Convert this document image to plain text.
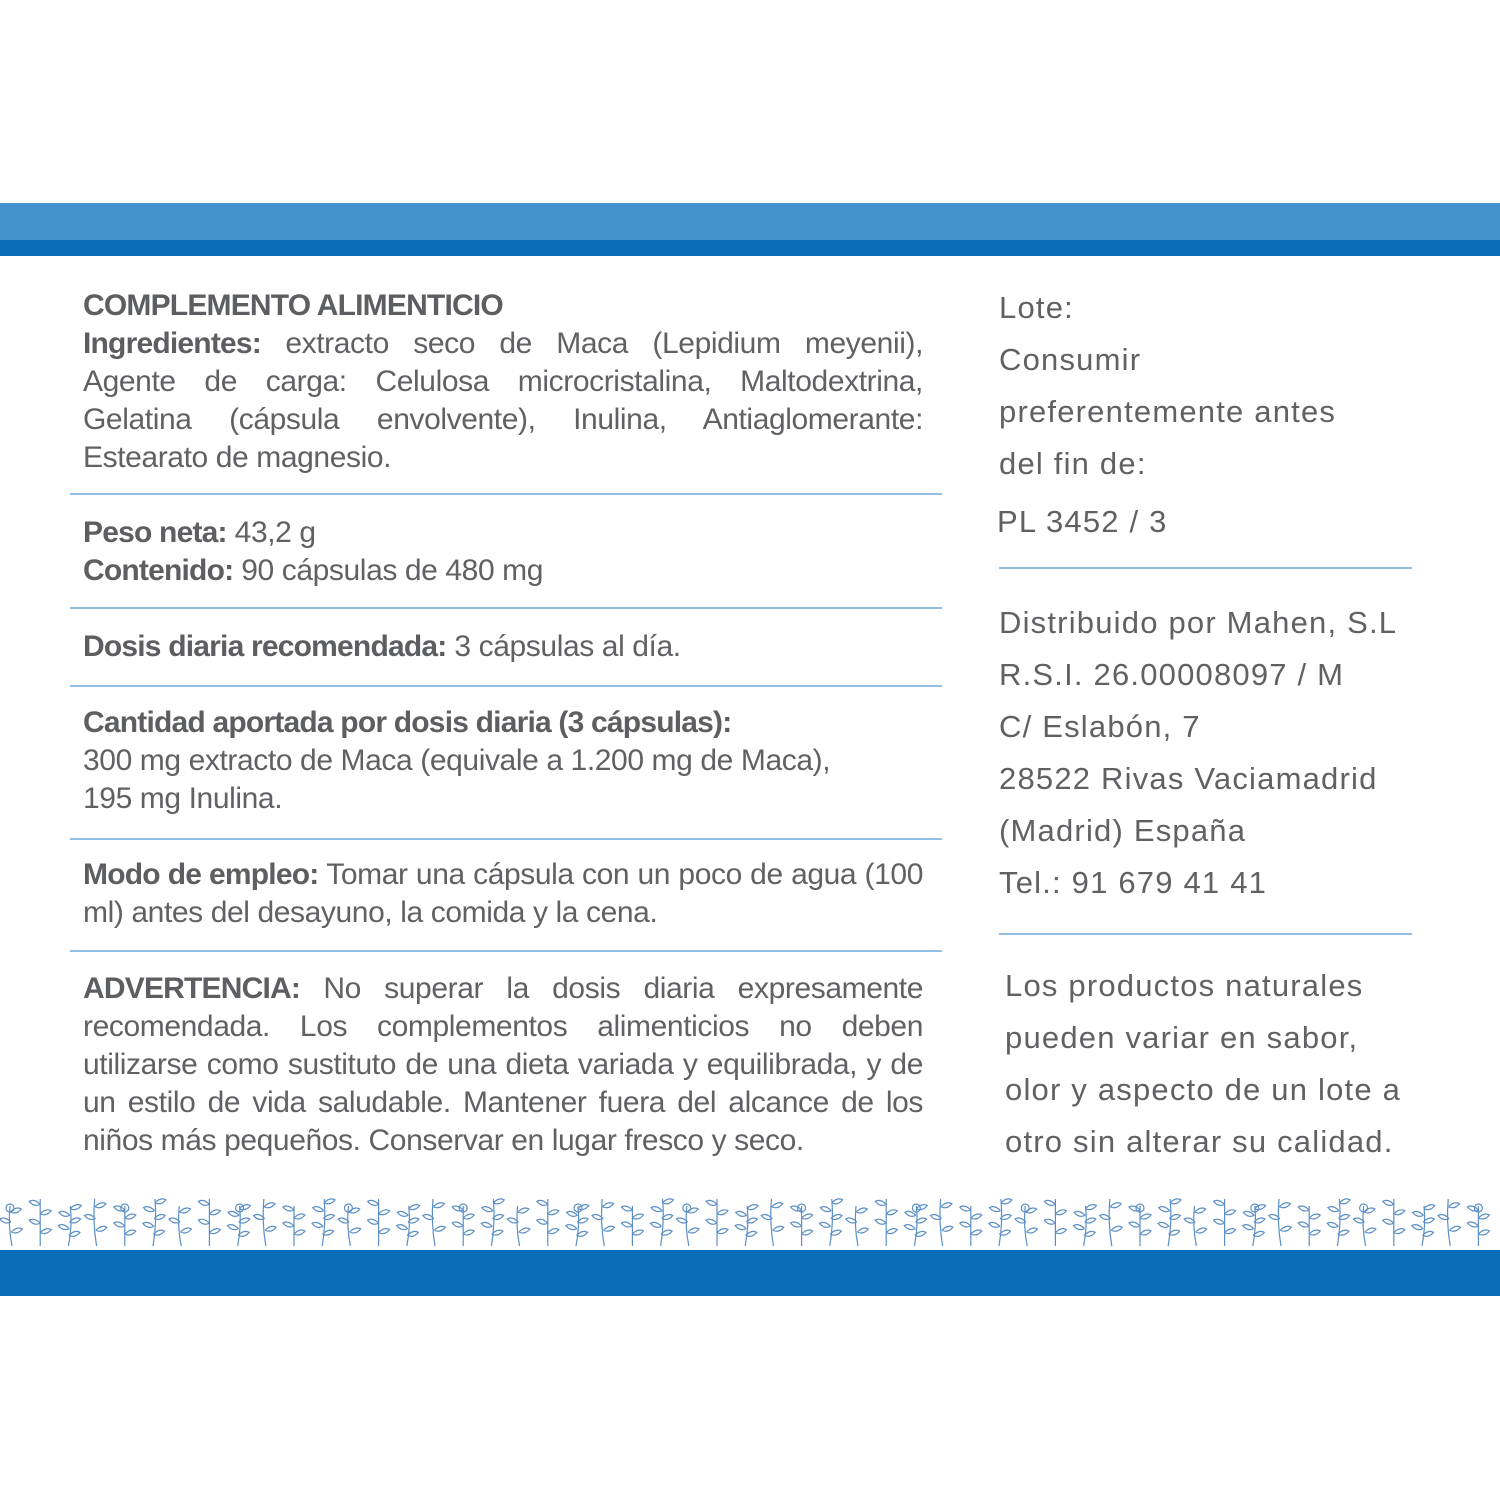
COMPLEMENTO ALIMENTICIO
Ingredientes: extracto seco de Maca (Lepidium meyenii), Agente de carga: Celulosa microcristalina, Maltodextrina, Gelatina (cápsula envolvente), Inulina, Antiaglomerante: Estearato de magnesio.
Peso neta: 43,2 g
Contenido: 90 cápsulas de 480 mg
Dosis diaria recomendada: 3 cápsulas al día.
Cantidad aportada por dosis diaria (3 cápsulas):
300 mg extracto de Maca (equivale a 1.200 mg de Maca),
195 mg Inulina.
Modo de empleo: Tomar una cápsula con un poco de agua (100 ml) antes del desayuno, la comida y la cena.
ADVERTENCIA: No superar la dosis diaria expresamente recomendada. Los complementos alimenticios no deben utilizarse como sustituto de una dieta variada y equilibrada, y de un estilo de vida saludable. Mantener fuera del alcance de los niños más pequeños. Conservar en lugar fresco y seco.
Lote:
Consumir
preferentemente antes
del fin de:
PL 3452 / 3
Distribuido por Mahen, S.L
R.S.I. 26.00008097 / M
C/ Eslabón, 7
28522 Rivas Vaciamadrid
(Madrid) España
Tel.: 91 679 41 41
Los productos naturales
pueden variar en sabor,
olor y aspecto de un lote a
otro sin alterar su calidad.
